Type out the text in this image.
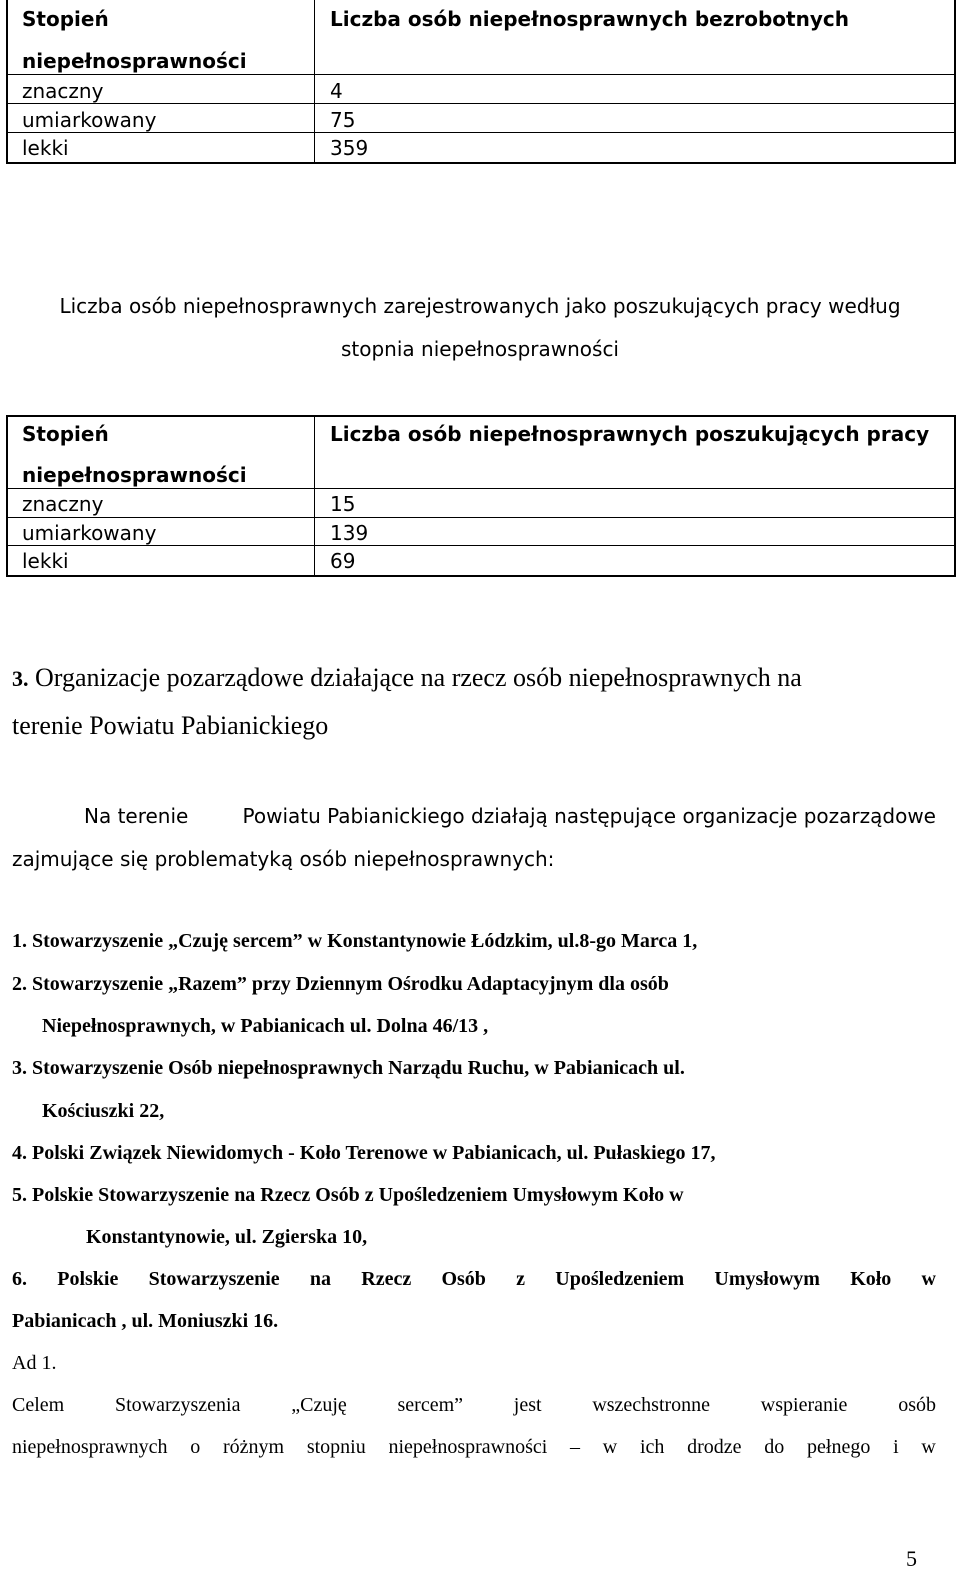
Stopień	Liczba osób niepełnosprawnych bezrobotnych
niepełnosprawności
znaczny	4
umiarkowany	75
lekki	359
Liczba osób niepełnosprawnych zarejestrowanych jako poszukujących pracy według
stopnia niepełnosprawności
Stopień	Liczba osób niepełnosprawnych poszukujących pracy
niepełnosprawności
znaczny	15
umiarkowany	139
lekki	69
3. Organizacje pozarządowe działające na rzecz osób niepełnosprawnych na
terenie Powiatu Pabianickiego
Na terenie	Powiatu Pabianickiego działają następujące organizacje pozarządowe
zajmujące się problematyką osób niepełnosprawnych:
1. Stowarzyszenie „Czuję sercem” w Konstantynowie Łódzkim, ul.8-go Marca 1,
2. Stowarzyszenie „Razem” przy Dziennym Ośrodku Adaptacyjnym dla osób
Niepełnosprawnych, w Pabianicach ul. Dolna 46/13 ,
3. Stowarzyszenie Osób niepełnosprawnych Narządu Ruchu, w Pabianicach ul.
Kościuszki 22,
4. Polski Związek Niewidomych - Koło Terenowe w Pabianicach, ul. Pułaskiego 17,
5. Polskie Stowarzyszenie na Rzecz Osób z Upośledzeniem Umysłowym Koło w
Konstantynowie, ul. Zgierska 10,
6. Polskie Stowarzyszenie na Rzecz Osób z Upośledzeniem Umysłowym Koło w
Pabianicach , ul. Moniuszki 16.
Ad 1.
Celem	Stowarzyszenia	„Czuję	sercem”	jest	wszechstronne	wspieranie	osób
niepełnosprawnych o różnym stopniu niepełnosprawności – w ich drodze do pełnego i w
5
